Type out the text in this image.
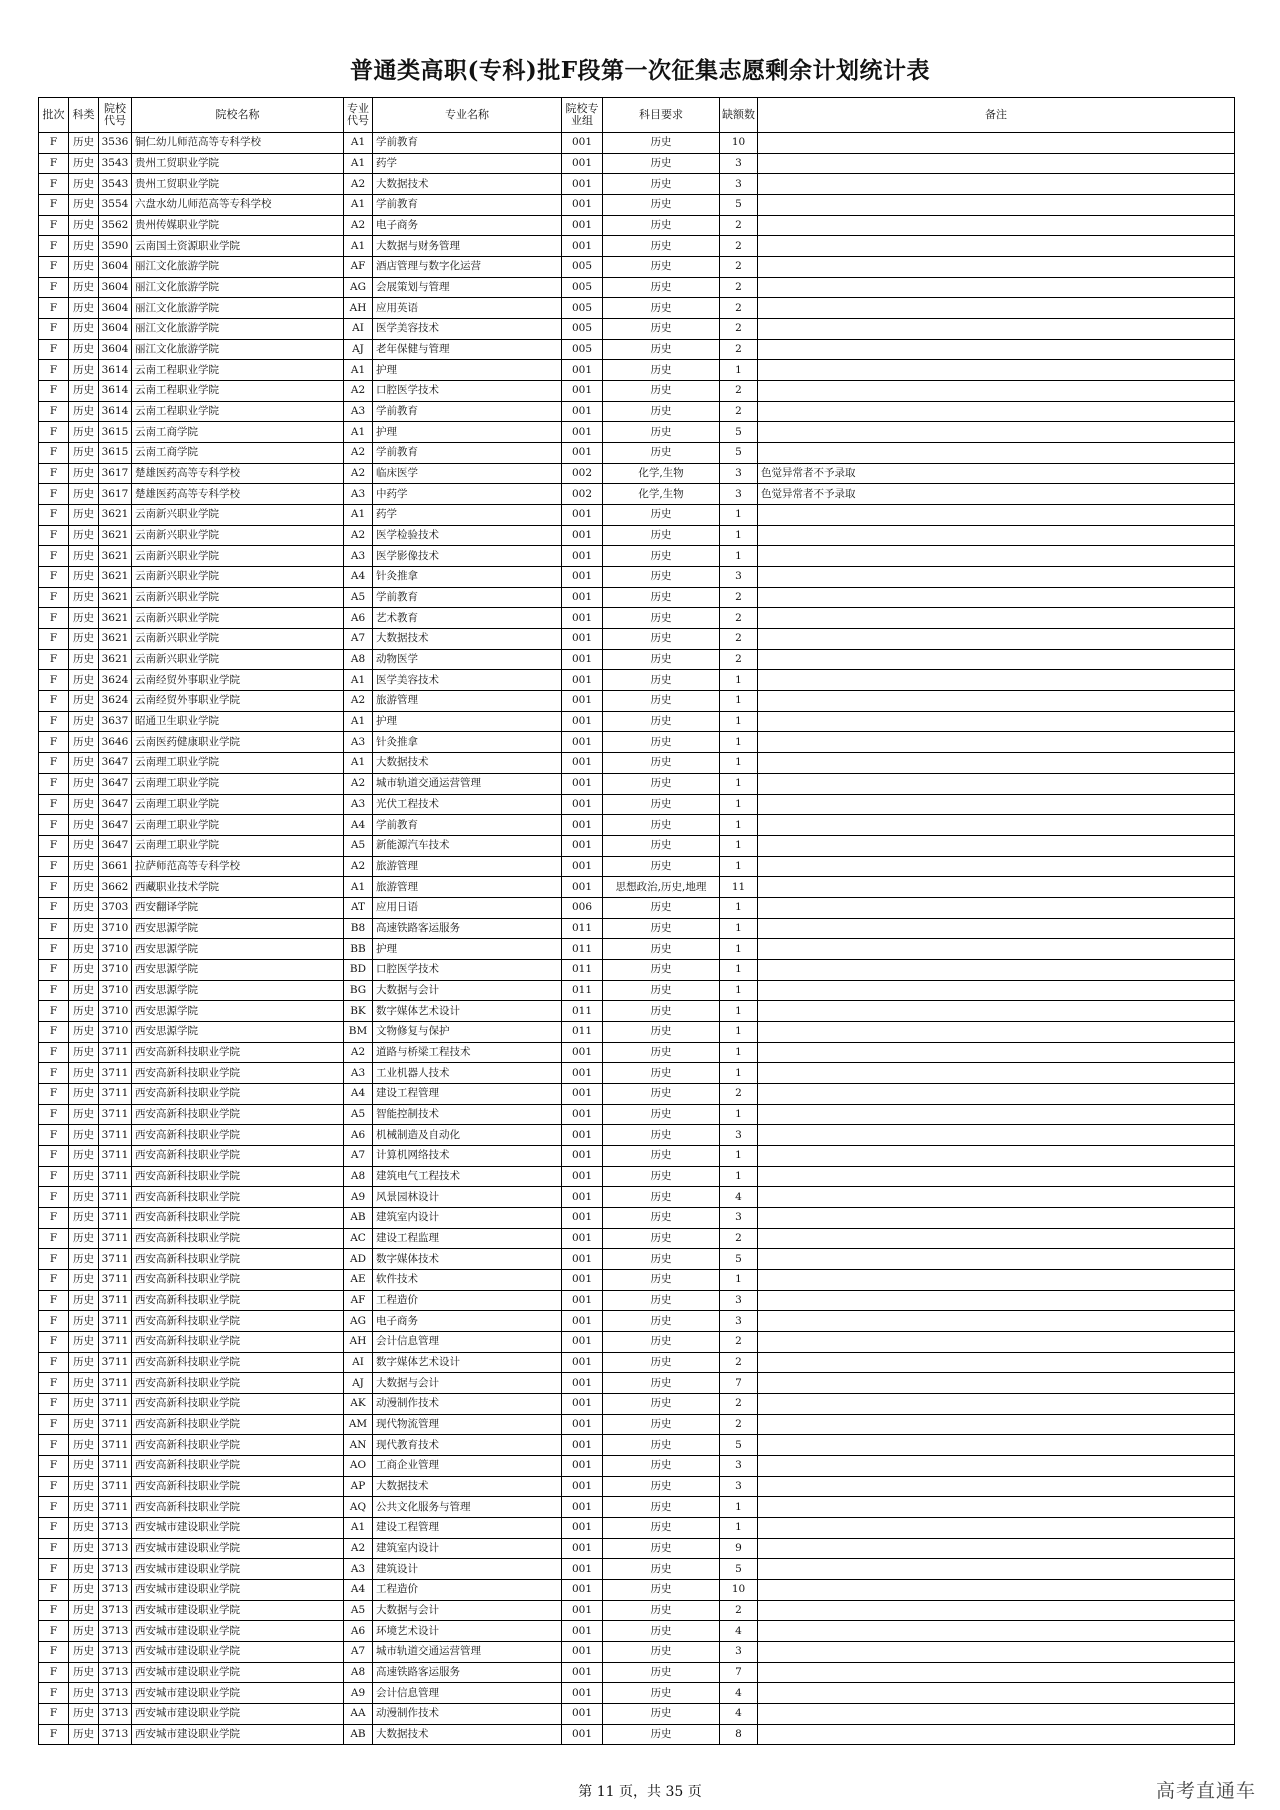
普通类高职(专科)批F段第一次征集志愿剩余计划统计表
批次	科类	院校代号	院校名称	专业代号	专业名称	院校专业组	科目要求	缺额数	备注
F	历史	3536	铜仁幼儿师范高等专科学校	A1	学前教育	001	历史	10	
F	历史	3543	贵州工贸职业学院	A1	药学	001	历史	3	
F	历史	3543	贵州工贸职业学院	A2	大数据技术	001	历史	3	
F	历史	3554	六盘水幼儿师范高等专科学校	A1	学前教育	001	历史	5	
F	历史	3562	贵州传媒职业学院	A2	电子商务	001	历史	2	
F	历史	3590	云南国土资源职业学院	A1	大数据与财务管理	001	历史	2	
F	历史	3604	丽江文化旅游学院	AF	酒店管理与数字化运营	005	历史	2	
F	历史	3604	丽江文化旅游学院	AG	会展策划与管理	005	历史	2	
F	历史	3604	丽江文化旅游学院	AH	应用英语	005	历史	2	
F	历史	3604	丽江文化旅游学院	AI	医学美容技术	005	历史	2	
F	历史	3604	丽江文化旅游学院	AJ	老年保健与管理	005	历史	2	
F	历史	3614	云南工程职业学院	A1	护理	001	历史	1	
F	历史	3614	云南工程职业学院	A2	口腔医学技术	001	历史	2	
F	历史	3614	云南工程职业学院	A3	学前教育	001	历史	2	
F	历史	3615	云南工商学院	A1	护理	001	历史	5	
F	历史	3615	云南工商学院	A2	学前教育	001	历史	5	
F	历史	3617	楚雄医药高等专科学校	A2	临床医学	002	化学,生物	3	色觉异常者不予录取
F	历史	3617	楚雄医药高等专科学校	A3	中药学	002	化学,生物	3	色觉异常者不予录取
F	历史	3621	云南新兴职业学院	A1	药学	001	历史	1	
F	历史	3621	云南新兴职业学院	A2	医学检验技术	001	历史	1	
F	历史	3621	云南新兴职业学院	A3	医学影像技术	001	历史	1	
F	历史	3621	云南新兴职业学院	A4	针灸推拿	001	历史	3	
F	历史	3621	云南新兴职业学院	A5	学前教育	001	历史	2	
F	历史	3621	云南新兴职业学院	A6	艺术教育	001	历史	2	
F	历史	3621	云南新兴职业学院	A7	大数据技术	001	历史	2	
F	历史	3621	云南新兴职业学院	A8	动物医学	001	历史	2	
F	历史	3624	云南经贸外事职业学院	A1	医学美容技术	001	历史	1	
F	历史	3624	云南经贸外事职业学院	A2	旅游管理	001	历史	1	
F	历史	3637	昭通卫生职业学院	A1	护理	001	历史	1	
F	历史	3646	云南医药健康职业学院	A3	针灸推拿	001	历史	1	
F	历史	3647	云南理工职业学院	A1	大数据技术	001	历史	1	
F	历史	3647	云南理工职业学院	A2	城市轨道交通运营管理	001	历史	1	
F	历史	3647	云南理工职业学院	A3	光伏工程技术	001	历史	1	
F	历史	3647	云南理工职业学院	A4	学前教育	001	历史	1	
F	历史	3647	云南理工职业学院	A5	新能源汽车技术	001	历史	1	
F	历史	3661	拉萨师范高等专科学校	A2	旅游管理	001	历史	1	
F	历史	3662	西藏职业技术学院	A1	旅游管理	001	思想政治,历史,地理	11	
F	历史	3703	西安翻译学院	AT	应用日语	006	历史	1	
F	历史	3710	西安思源学院	B8	高速铁路客运服务	011	历史	1	
F	历史	3710	西安思源学院	BB	护理	011	历史	1	
F	历史	3710	西安思源学院	BD	口腔医学技术	011	历史	1	
F	历史	3710	西安思源学院	BG	大数据与会计	011	历史	1	
F	历史	3710	西安思源学院	BK	数字媒体艺术设计	011	历史	1	
F	历史	3710	西安思源学院	BM	文物修复与保护	011	历史	1	
F	历史	3711	西安高新科技职业学院	A2	道路与桥梁工程技术	001	历史	1	
F	历史	3711	西安高新科技职业学院	A3	工业机器人技术	001	历史	1	
F	历史	3711	西安高新科技职业学院	A4	建设工程管理	001	历史	2	
F	历史	3711	西安高新科技职业学院	A5	智能控制技术	001	历史	1	
F	历史	3711	西安高新科技职业学院	A6	机械制造及自动化	001	历史	3	
F	历史	3711	西安高新科技职业学院	A7	计算机网络技术	001	历史	1	
F	历史	3711	西安高新科技职业学院	A8	建筑电气工程技术	001	历史	1	
F	历史	3711	西安高新科技职业学院	A9	风景园林设计	001	历史	4	
F	历史	3711	西安高新科技职业学院	AB	建筑室内设计	001	历史	3	
F	历史	3711	西安高新科技职业学院	AC	建设工程监理	001	历史	2	
F	历史	3711	西安高新科技职业学院	AD	数字媒体技术	001	历史	5	
F	历史	3711	西安高新科技职业学院	AE	软件技术	001	历史	1	
F	历史	3711	西安高新科技职业学院	AF	工程造价	001	历史	3	
F	历史	3711	西安高新科技职业学院	AG	电子商务	001	历史	3	
F	历史	3711	西安高新科技职业学院	AH	会计信息管理	001	历史	2	
F	历史	3711	西安高新科技职业学院	AI	数字媒体艺术设计	001	历史	2	
F	历史	3711	西安高新科技职业学院	AJ	大数据与会计	001	历史	7	
F	历史	3711	西安高新科技职业学院	AK	动漫制作技术	001	历史	2	
F	历史	3711	西安高新科技职业学院	AM	现代物流管理	001	历史	2	
F	历史	3711	西安高新科技职业学院	AN	现代教育技术	001	历史	5	
F	历史	3711	西安高新科技职业学院	AO	工商企业管理	001	历史	3	
F	历史	3711	西安高新科技职业学院	AP	大数据技术	001	历史	3	
F	历史	3711	西安高新科技职业学院	AQ	公共文化服务与管理	001	历史	1	
F	历史	3713	西安城市建设职业学院	A1	建设工程管理	001	历史	1	
F	历史	3713	西安城市建设职业学院	A2	建筑室内设计	001	历史	9	
F	历史	3713	西安城市建设职业学院	A3	建筑设计	001	历史	5	
F	历史	3713	西安城市建设职业学院	A4	工程造价	001	历史	10	
F	历史	3713	西安城市建设职业学院	A5	大数据与会计	001	历史	2	
F	历史	3713	西安城市建设职业学院	A6	环境艺术设计	001	历史	4	
F	历史	3713	西安城市建设职业学院	A7	城市轨道交通运营管理	001	历史	3	
F	历史	3713	西安城市建设职业学院	A8	高速铁路客运服务	001	历史	7	
F	历史	3713	西安城市建设职业学院	A9	会计信息管理	001	历史	4	
F	历史	3713	西安城市建设职业学院	AA	动漫制作技术	001	历史	4	
F	历史	3713	西安城市建设职业学院	AB	大数据技术	001	历史	8	
第 11 页，共 35 页	高考直通车
